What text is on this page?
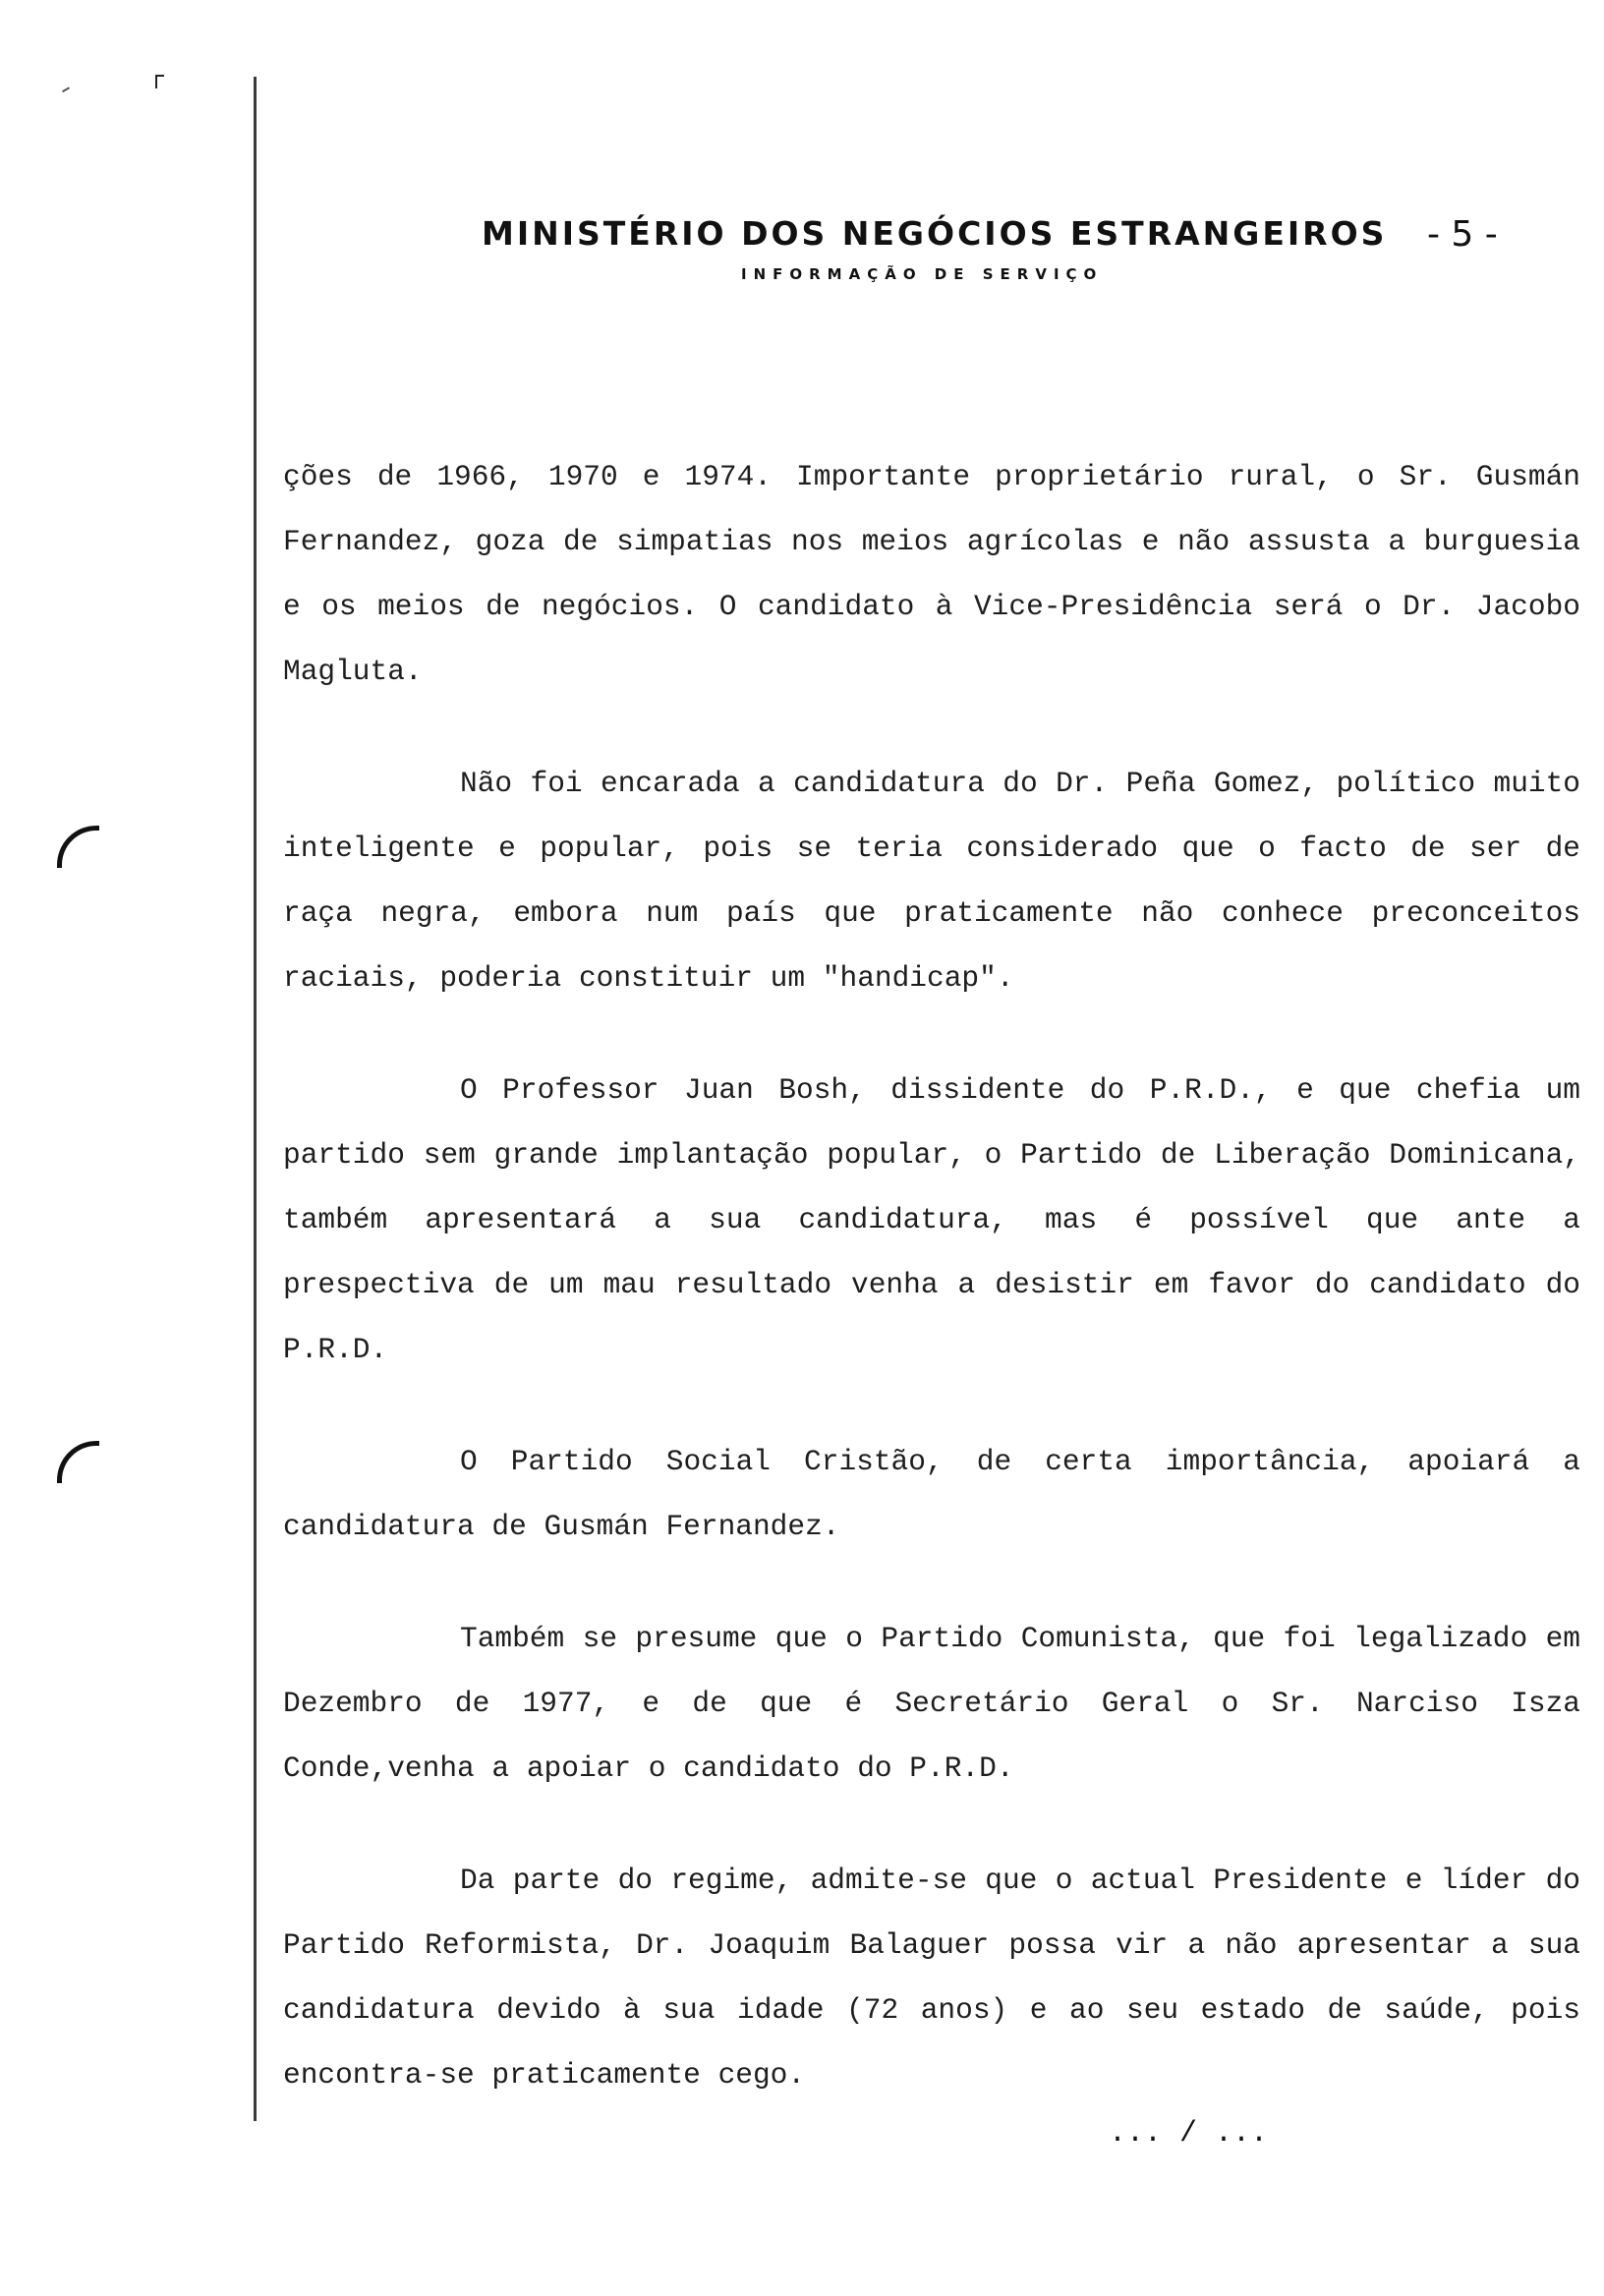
MINISTÉRIO DOS NEGÓCIOS ESTRANGEIROS - 5 -
INFORMAÇÃO DE SERVIÇO

ções de 1966, 1970 e 1974. Importante proprietário rural, o Sr. Gusmán Fernandez, goza de simpatias nos meios agrícolas e não assusta a burguesia e os meios de negócios. O candidato à Vice-Presidência será o Dr. Jacobo Magluta.

Não foi encarada a candidatura do Dr. Peña Gomez, político muito inteligente e popular, pois se teria considerado que o facto de ser de raça negra, embora num país que praticamente não conhece preconceitos raciais, poderia constituir um "handicap".

O Professor Juan Bosh, dissidente do P.R.D., e que chefia um partido sem grande implantação popular, o Partido de Liberação Dominicana, também apresentará a sua candidatura, mas é possível que ante a prespectiva de um mau resultado venha a desistir em favor do candidato do P.R.D.

O Partido Social Cristão, de certa importância, apoiará a candidatura de Gusmán Fernandez.

Também se presume que o Partido Comunista, que foi legalizado em Dezembro de 1977, e de que é Secretário Geral o Sr. Narciso Isza Conde,venha a apoiar o candidato do P.R.D.

Da parte do regime, admite-se que o actual Presidente e líder do Partido Reformista, Dr. Joaquim Balaguer possa vir a não apresentar a sua candidatura devido à sua idade (72 anos) e ao seu estado de saúde, pois encontra-se praticamente cego.

... / ...
